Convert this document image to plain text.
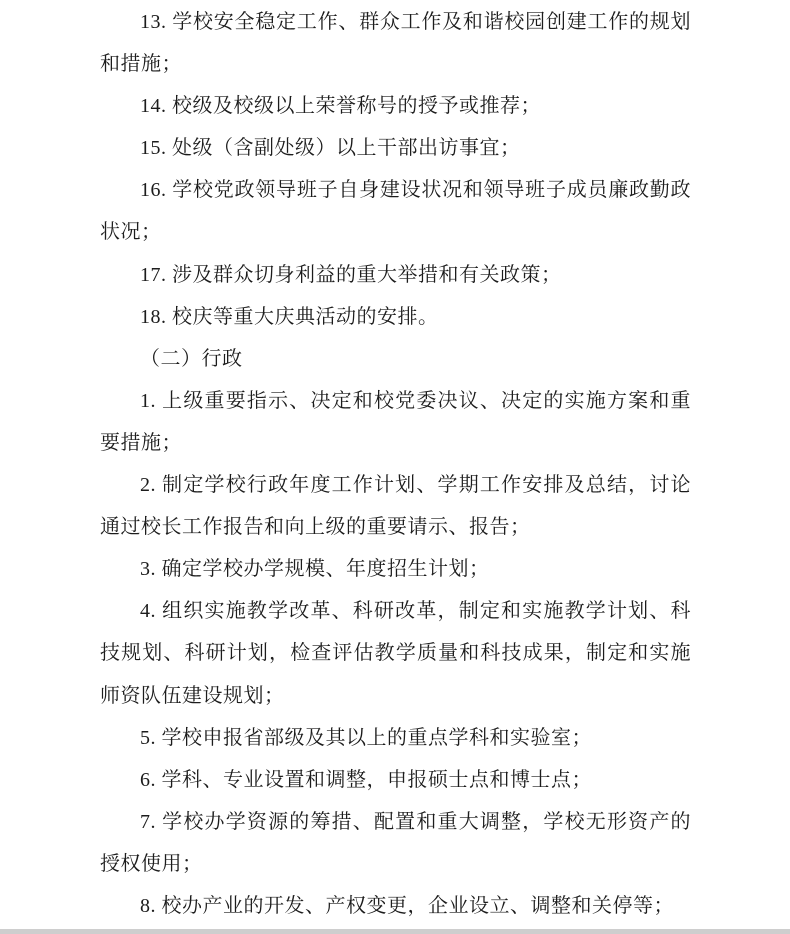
13. 学校安全稳定工作、群众工作及和谐校园创建工作的规划和措施；

14. 校级及校级以上荣誉称号的授予或推荐；

15. 处级（含副处级）以上干部出访事宜；

16. 学校党政领导班子自身建设状况和领导班子成员廉政勤政状况；

17. 涉及群众切身利益的重大举措和有关政策；

18. 校庆等重大庆典活动的安排。

（二）行政

1. 上级重要指示、决定和校党委决议、决定的实施方案和重要措施；

2. 制定学校行政年度工作计划、学期工作安排及总结，讨论通过校长工作报告和向上级的重要请示、报告；

3. 确定学校办学规模、年度招生计划；

4. 组织实施教学改革、科研改革，制定和实施教学计划、科技规划、科研计划，检查评估教学质量和科技成果，制定和实施师资队伍建设规划；

5. 学校申报省部级及其以上的重点学科和实验室；

6. 学科、专业设置和调整，申报硕士点和博士点；

7. 学校办学资源的筹措、配置和重大调整，学校无形资产的授权使用；

8. 校办产业的开发、产权变更，企业设立、调整和关停等；
